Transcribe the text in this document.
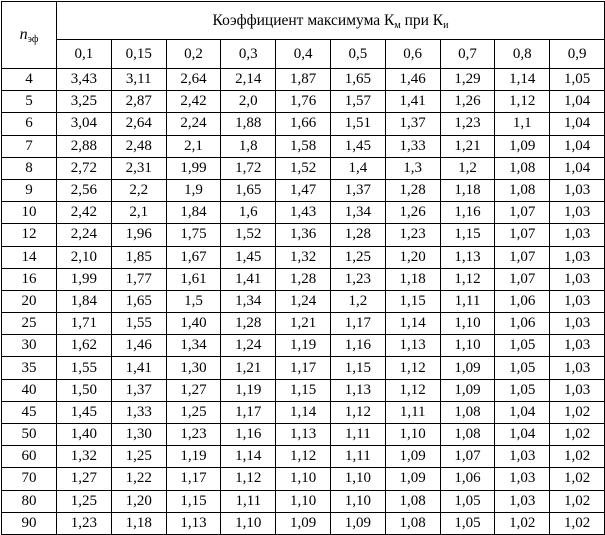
nэф	Коэффициент максимума Км при Ки									
	0,1	0,15	0,2	0,3	0,4	0,5	0,6	0,7	0,8	0,9
4	3,43	3,11	2,64	2,14	1,87	1,65	1,46	1,29	1,14	1,05
5	3,25	2,87	2,42	2,0	1,76	1,57	1,41	1,26	1,12	1,04
6	3,04	2,64	2,24	1,88	1,66	1,51	1,37	1,23	1,1	1,04
7	2,88	2,48	2,1	1,8	1,58	1,45	1,33	1,21	1,09	1,04
8	2,72	2,31	1,99	1,72	1,52	1,4	1,3	1,2	1,08	1,04
9	2,56	2,2	1,9	1,65	1,47	1,37	1,28	1,18	1,08	1,03
10	2,42	2,1	1,84	1,6	1,43	1,34	1,26	1,16	1,07	1,03
12	2,24	1,96	1,75	1,52	1,36	1,28	1,23	1,15	1,07	1,03
14	2,10	1,85	1,67	1,45	1,32	1,25	1,20	1,13	1,07	1,03
16	1,99	1,77	1,61	1,41	1,28	1,23	1,18	1,12	1,07	1,03
20	1,84	1,65	1,5	1,34	1,24	1,2	1,15	1,11	1,06	1,03
25	1,71	1,55	1,40	1,28	1,21	1,17	1,14	1,10	1,06	1,03
30	1,62	1,46	1,34	1,24	1,19	1,16	1,13	1,10	1,05	1,03
35	1,55	1,41	1,30	1,21	1,17	1,15	1,12	1,09	1,05	1,03
40	1,50	1,37	1,27	1,19	1,15	1,13	1,12	1,09	1,05	1,03
45	1,45	1,33	1,25	1,17	1,14	1,12	1,11	1,08	1,04	1,02
50	1,40	1,30	1,23	1,16	1,13	1,11	1,10	1,08	1,04	1,02
60	1,32	1,25	1,19	1,14	1,12	1,11	1,09	1,07	1,03	1,02
70	1,27	1,22	1,17	1,12	1,10	1,10	1,09	1,06	1,03	1,02
80	1,25	1,20	1,15	1,11	1,10	1,10	1,08	1,05	1,03	1,02
90	1,23	1,18	1,13	1,10	1,09	1,09	1,08	1,05	1,02	1,02
